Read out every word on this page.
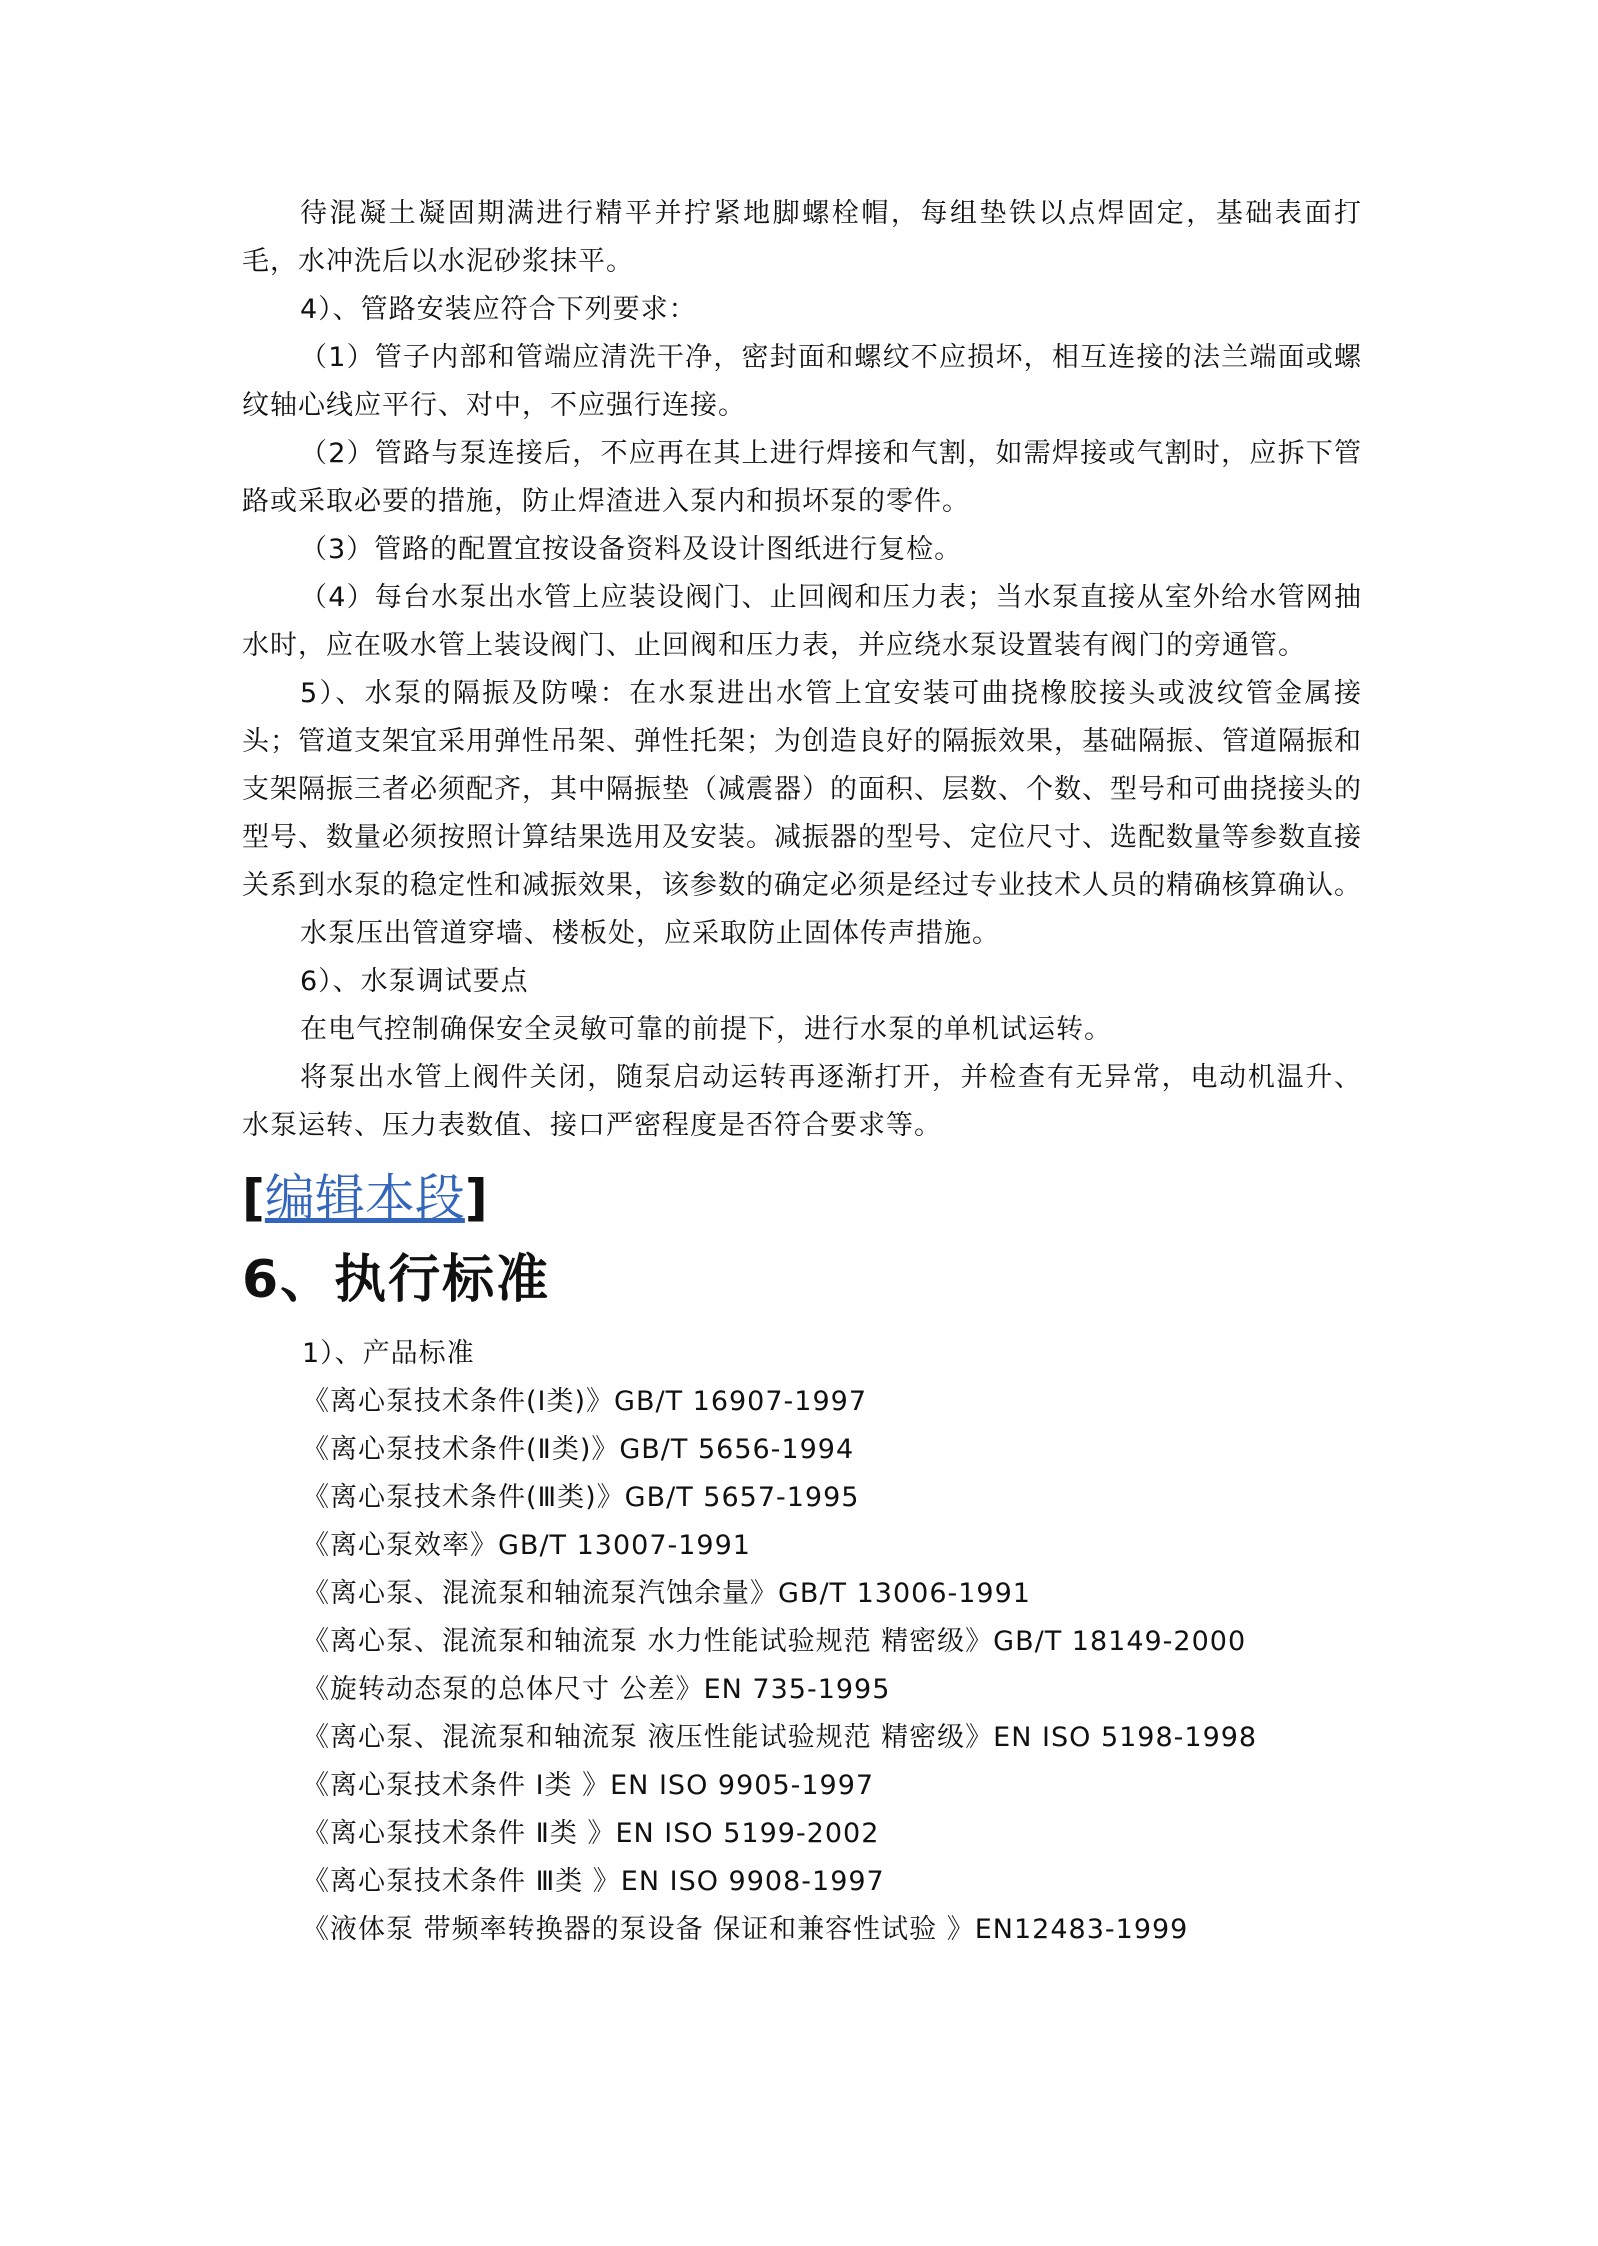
待混凝土凝固期满进行精平并拧紧地脚螺栓帽，每组垫铁以点焊固定，基础表面打毛，水冲洗后以水泥砂浆抹平。

4）、管路安装应符合下列要求：

（1）管子内部和管端应清洗干净，密封面和螺纹不应损坏，相互连接的法兰端面或螺纹轴心线应平行、对中，不应强行连接。

（2）管路与泵连接后，不应再在其上进行焊接和气割，如需焊接或气割时，应拆下管路或采取必要的措施，防止焊渣进入泵内和损坏泵的零件。

（3）管路的配置宜按设备资料及设计图纸进行复检。

（4）每台水泵出水管上应装设阀门、止回阀和压力表；当水泵直接从室外给水管网抽水时，应在吸水管上装设阀门、止回阀和压力表，并应绕水泵设置装有阀门的旁通管。

5）、水泵的隔振及防噪：在水泵进出水管上宜安装可曲挠橡胶接头或波纹管金属接头；管道支架宜采用弹性吊架、弹性托架；为创造良好的隔振效果，基础隔振、管道隔振和支架隔振三者必须配齐，其中隔振垫（减震器）的面积、层数、个数、型号和可曲挠接头的型号、数量必须按照计算结果选用及安装。减振器的型号、定位尺寸、选配数量等参数直接关系到水泵的稳定性和减振效果，该参数的确定必须是经过专业技术人员的精确核算确认。

水泵压出管道穿墙、楼板处，应采取防止固体传声措施。

6）、水泵调试要点

在电气控制确保安全灵敏可靠的前提下，进行水泵的单机试运转。

将泵出水管上阀件关闭，随泵启动运转再逐渐打开，并检查有无异常，电动机温升、水泵运转、压力表数值、接口严密程度是否符合要求等。

[编辑本段]
6、执行标准
1）、产品标准
《离心泵技术条件(Ⅰ类)》GB/T 16907-1997
《离心泵技术条件(Ⅱ类)》GB/T 5656-1994
《离心泵技术条件(Ⅲ类)》GB/T 5657-1995
《离心泵效率》GB/T 13007-1991
《离心泵、混流泵和轴流泵汽蚀余量》GB/T 13006-1991
《离心泵、混流泵和轴流泵 水力性能试验规范 精密级》GB/T 18149-2000
《旋转动态泵的总体尺寸 公差》EN 735-1995
《离心泵、混流泵和轴流泵 液压性能试验规范 精密级》EN ISO 5198-1998
《离心泵技术条件 Ⅰ类 》EN ISO 9905-1997
《离心泵技术条件 Ⅱ类 》EN ISO 5199-2002
《离心泵技术条件 Ⅲ类 》EN ISO 9908-1997
《液体泵 带频率转换器的泵设备 保证和兼容性试验 》EN12483-1999
